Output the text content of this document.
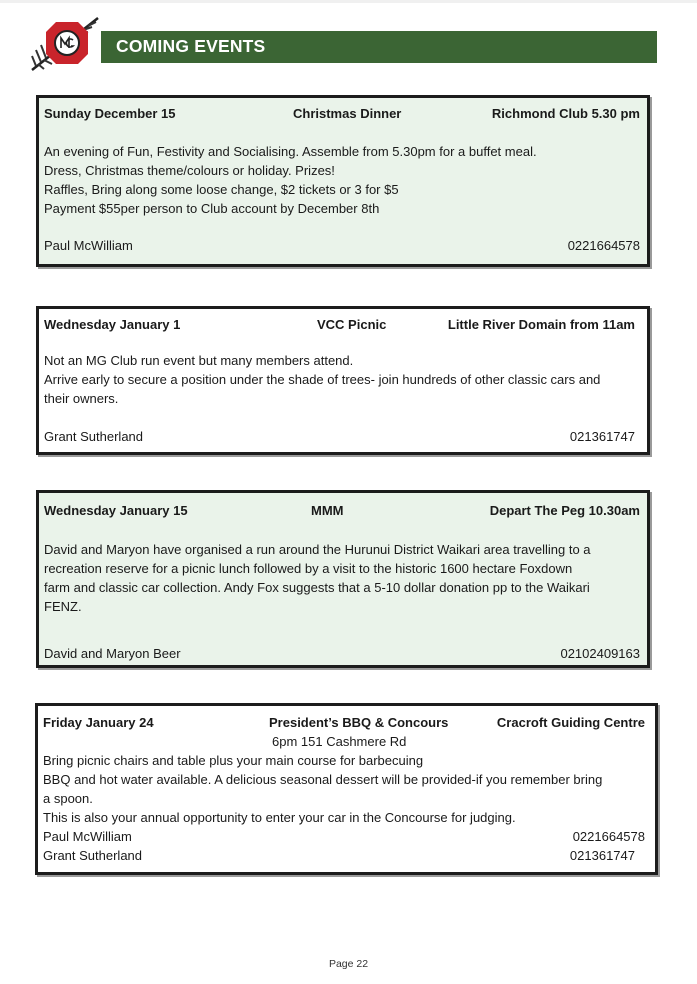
COMING EVENTS
Sunday December 15	Christmas Dinner	Richmond Club 5.30 pm
An evening of Fun, Festivity and Socialising. Assemble from 5.30pm for a buffet meal.
Dress, Christmas theme/colours or holiday. Prizes!
Raffles, Bring along some loose change, $2 tickets or 3 for $5
Payment $55per person to Club account by December 8th
Paul McWilliam	0221664578
Wednesday January 1	VCC Picnic	Little River Domain from 11am
Not an MG Club run event but many members attend.
Arrive early to secure a position under the shade of trees- join hundreds of other classic cars and
their owners.
Grant Sutherland	021361747
Wednesday January 15	MMM	Depart The Peg 10.30am
David and Maryon have organised a run around the Hurunui District Waikari area travelling to a
recreation reserve for a picnic lunch followed by a visit to the historic 1600 hectare Foxdown
farm and classic car collection. Andy Fox suggests that a 5-10 dollar donation pp to the Waikari
FENZ.
David and Maryon Beer	02102409163
Friday January 24	President’s BBQ & Concours	Cracroft Guiding Centre
6pm 151 Cashmere Rd
Bring picnic chairs and table plus your main course for barbecuing
BBQ and hot water available. A delicious seasonal dessert will be provided-if you remember bring
a spoon.
This is also your annual opportunity to enter your car in the Concourse for judging.
Paul McWilliam	0221664578
Grant Sutherland	021361747
Page 22
